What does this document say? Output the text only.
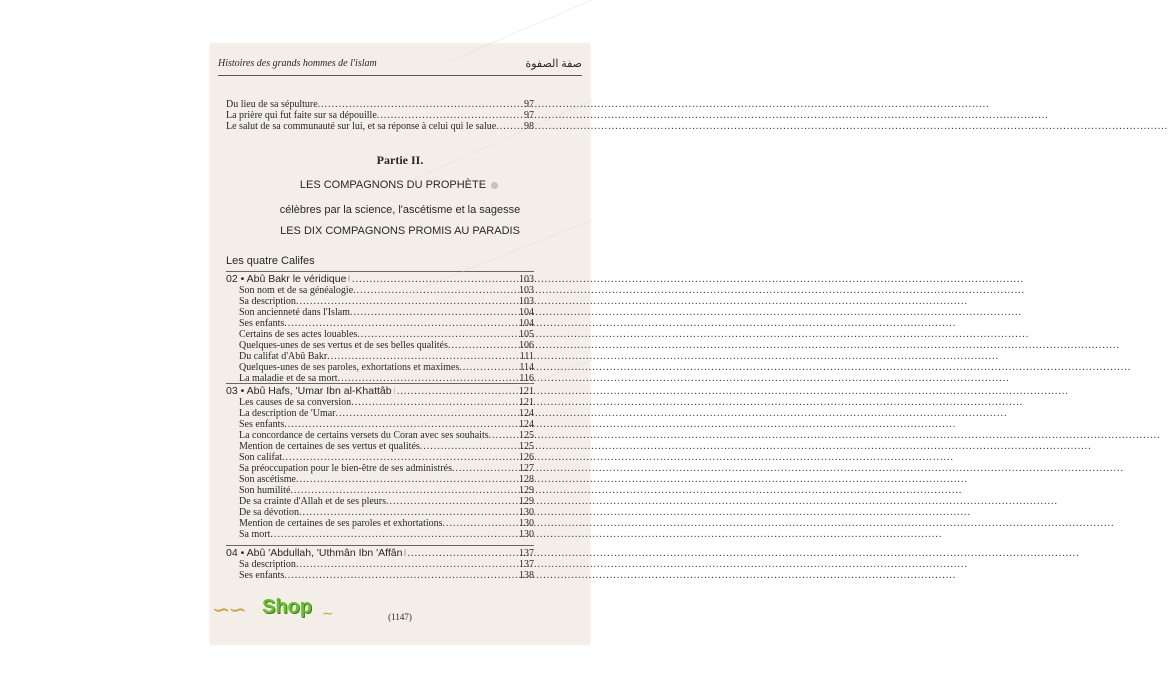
Histoires des grands hommes de l'islam	صفة الصفوة
Du lieu de sa sépulture .....	97
La prière qui fut faite sur sa dépouille .....	97
Le salut de sa communauté sur lui, et sa réponse à celui qui le salue .....	98
Partie II.
LES COMPAGNONS DU PROPHÈTE
célèbres par la science, l'ascétisme et la sagesse
LES DIX COMPAGNONS PROMIS AU PARADIS
Les quatre Califes
02 • Abû Bakr le véridique .....	103
Son nom et de sa généalogie .....	103
Sa description .....	103
Son ancienneté dans l'Islam .....	104
Ses enfants .....	104
Certains de ses actes louables .....	105
Quelques-unes de ses vertus et de ses belles qualités .....	106
Du califat d'Abû Bakr .....	111
Quelques-unes de ses paroles, exhortations et maximes .....	114
La maladie et de sa mort .....	116
03 • Abû Hafs, 'Umar Ibn al-Khattâb .....	121
Les causes de sa conversion .....	121
La description de 'Umar .....	124
Ses enfants .....	124
La concordance de certains versets du Coran avec ses souhaits .....	125
Mention de certaines de ses vertus et qualités .....	125
Son califat .....	126
Sa préoccupation pour le bien-être de ses administrés .....	127
Son ascétisme .....	128
Son humilité .....	129
De sa crainte d'Allah et de ses pleurs .....	129
De sa dévotion .....	130
Mention de certaines de ses paroles et exhortations .....	130
Sa mort .....	130
04 • Abû 'Abdullah, 'Uthmân Ibn 'Affân .....	137
Sa description .....	137
Ses enfants .....	138
(1147)
∽∽ Shop ∼
